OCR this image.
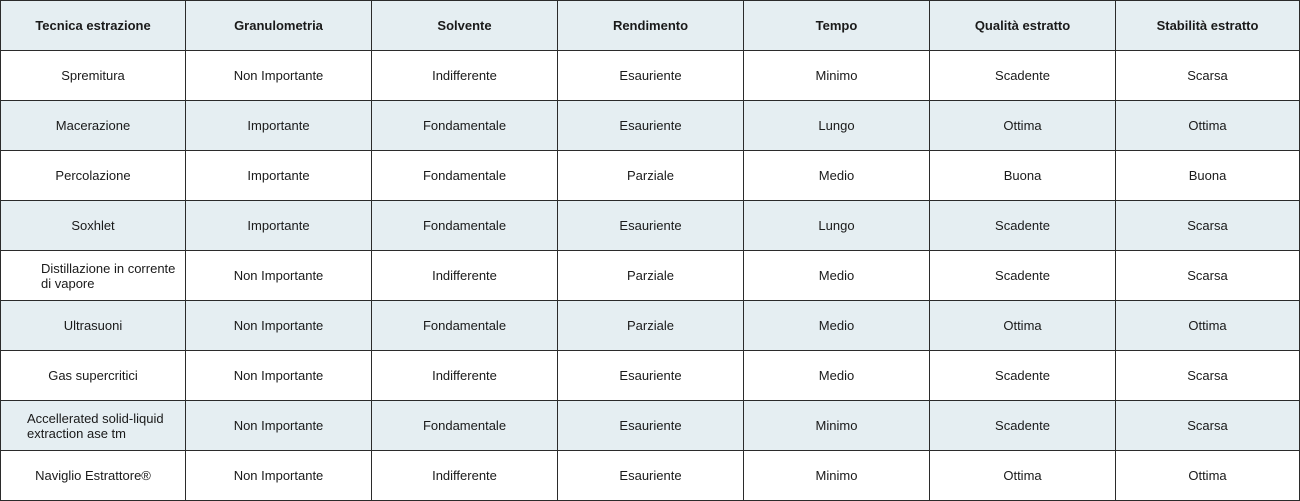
Tecnica estrazione	Granulometria	Solvente	Rendimento	Tempo	Qualità estratto	Stabilità estratto
Spremitura	Non Importante	Indifferente	Esauriente	Minimo	Scadente	Scarsa
Macerazione	Importante	Fondamentale	Esauriente	Lungo	Ottima	Ottima
Percolazione	Importante	Fondamentale	Parziale	Medio	Buona	Buona
Soxhlet	Importante	Fondamentale	Esauriente	Lungo	Scadente	Scarsa
Distillazione in corrente di vapore	Non Importante	Indifferente	Parziale	Medio	Scadente	Scarsa
Ultrasuoni	Non Importante	Fondamentale	Parziale	Medio	Ottima	Ottima
Gas supercritici	Non Importante	Indifferente	Esauriente	Medio	Scadente	Scarsa
Accellerated solid-liquid extraction ase tm	Non Importante	Fondamentale	Esauriente	Minimo	Scadente	Scarsa
Naviglio Estrattore®	Non Importante	Indifferente	Esauriente	Minimo	Ottima	Ottima
